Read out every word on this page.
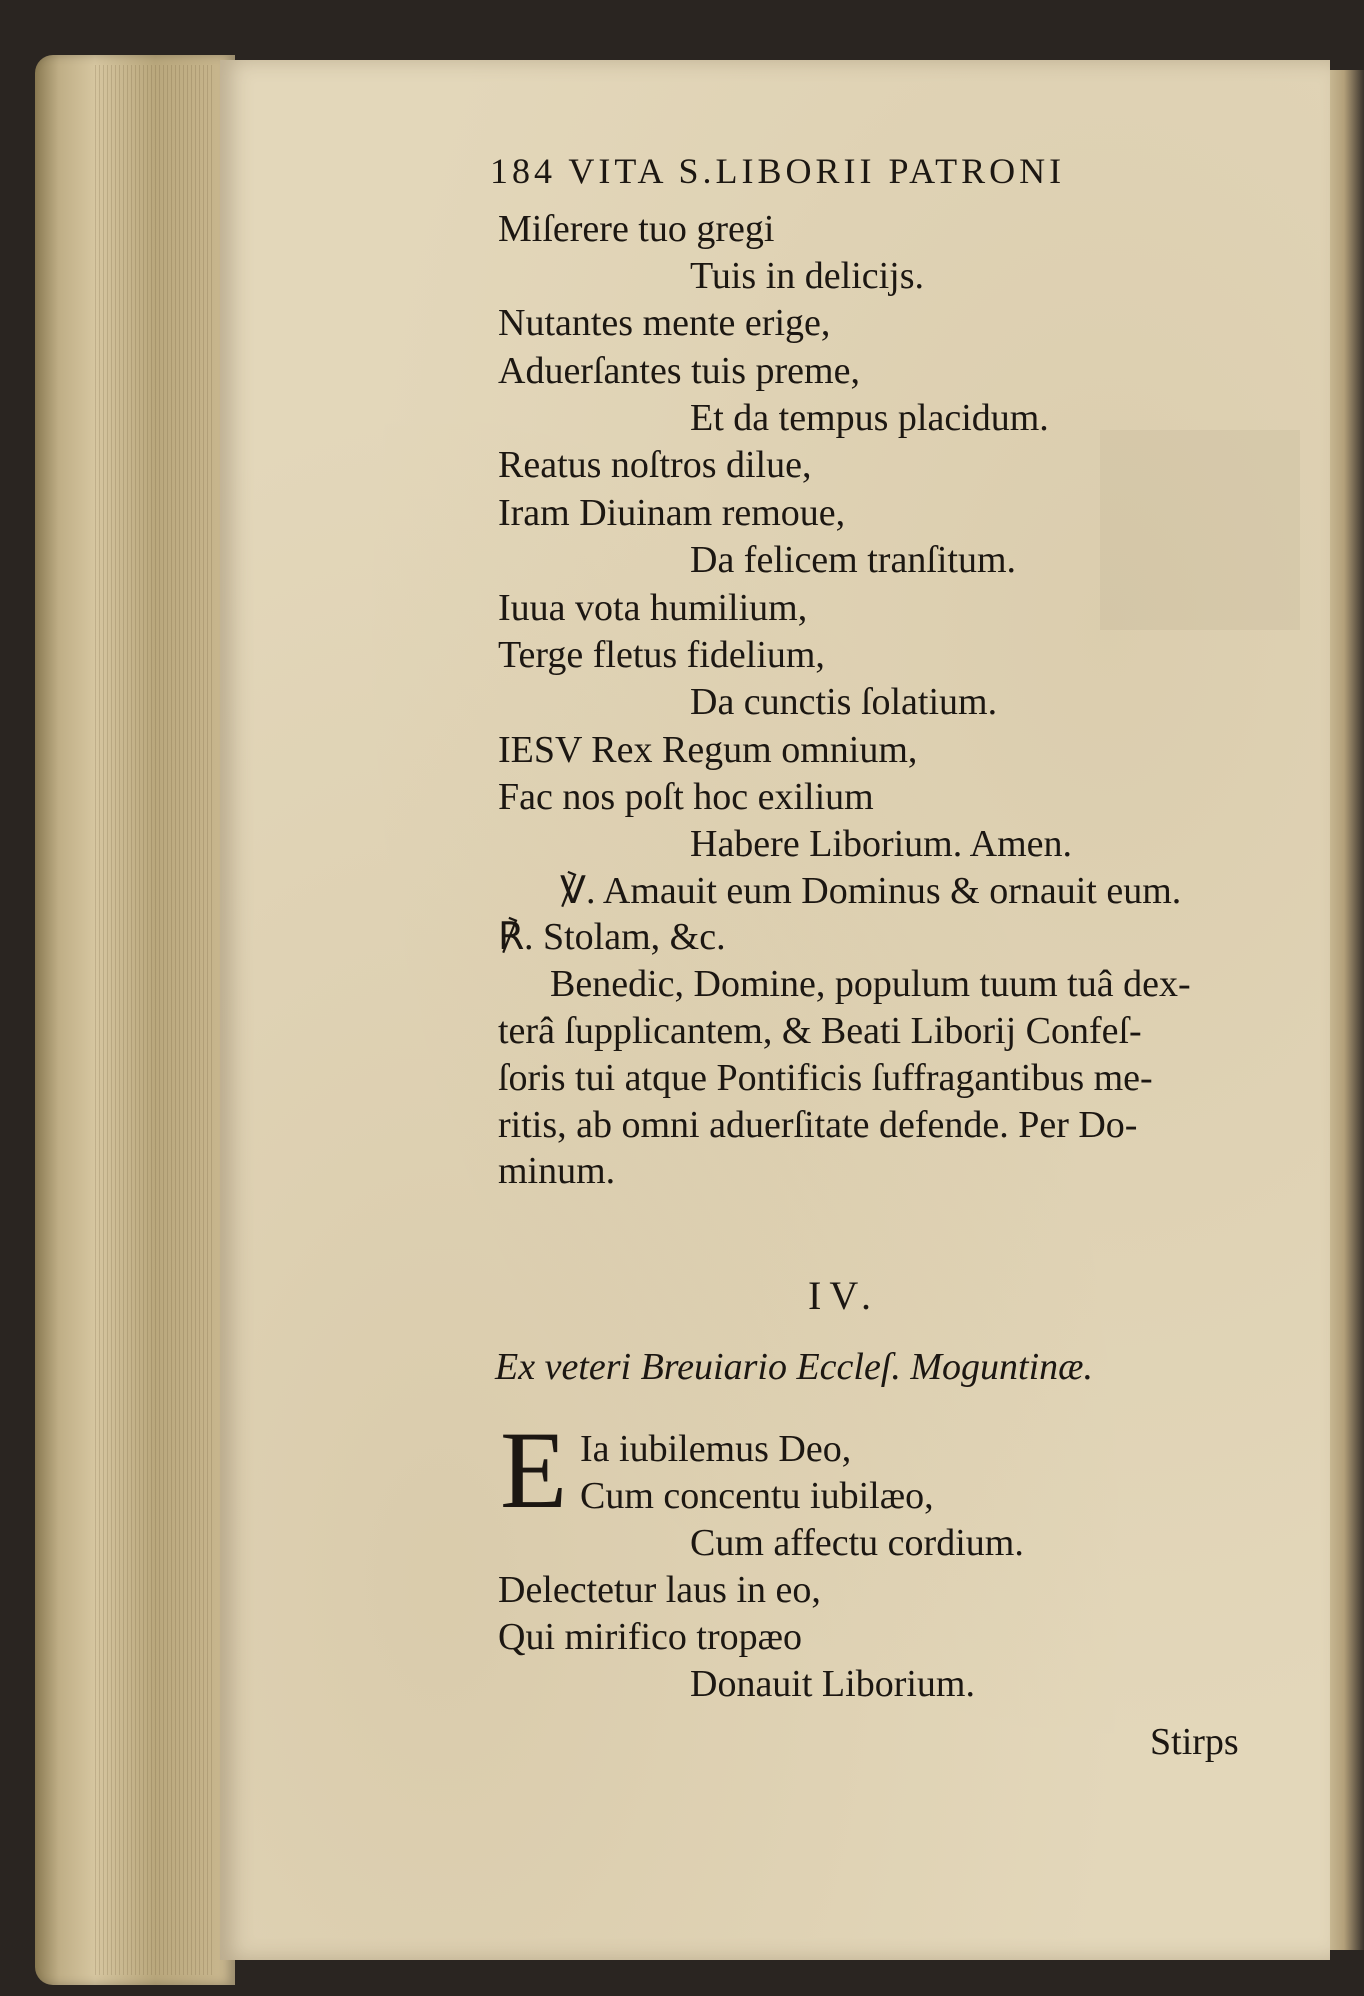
184 VITA S.LIBORII PATRONI
Miſerere tuo gregi
Tuis in delicijs.
Nutantes mente erige,
Aduerſantes tuis preme,
Et da tempus placidum.
Reatus noſtros dilue,
Iram Diuinam remoue,
Da felicem tranſitum.
Iuua vota humilium,
Terge fletus fidelium,
Da cunctis ſolatium.
IESV Rex Regum omnium,
Fac nos poſt hoc exilium
Habere Liborium. Amen.
℣. Amauit eum Dominus & ornauit eum.
℟. Stolam, &c.
Benedic, Domine, populum tuum tuâ dex-
terâ ſupplicantem, & Beati Liborij Confeſ-
ſoris tui atque Pontificis ſuffragantibus me-
ritis, ab omni aduerſitate defende. Per Do-
minum.
IV.
Ex veteri Breuiario Eccleſ. Moguntinæ.
E Ia iubilemus Deo,
Cum concentu iubilæo,
Cum affectu cordium.
Delectetur laus in eo,
Qui mirifico tropæo
Donauit Liborium.
Stirps
